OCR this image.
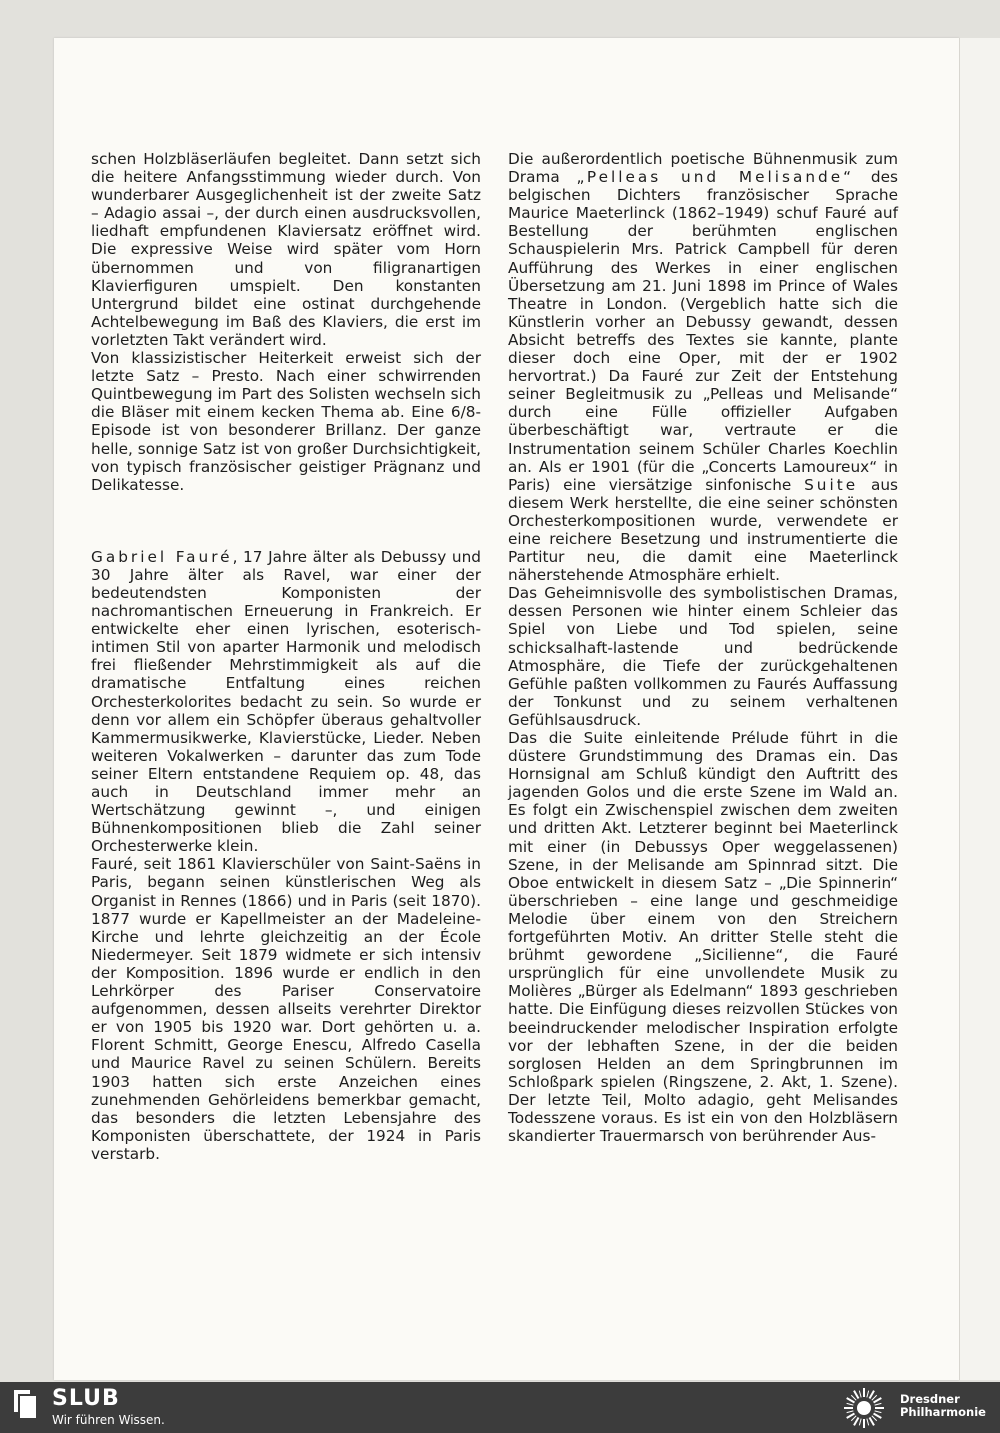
schen Holzbläserläufen begleitet. Dann setzt sich die heitere Anfangsstimmung wieder durch. Von wunderbarer Ausgeglichenheit ist der zweite Satz – Adagio assai –, der durch einen ausdrucksvollen, liedhaft empfundenen Klaviersatz eröffnet wird. Die expressive Weise wird später vom Horn übernommen und von filigranartigen Klavierfiguren umspielt. Den konstanten Untergrund bildet eine ostinat durchgehende Achtelbewegung im Baß des Klaviers, die erst im vorletzten Takt verändert wird.

Von klassizistischer Heiterkeit erweist sich der letzte Satz – Presto. Nach einer schwirrenden Quintbewegung im Part des Solisten wechseln sich die Bläser mit einem kecken Thema ab. Eine 6/8-Episode ist von besonderer Brillanz. Der ganze helle, sonnige Satz ist von großer Durchsichtigkeit, von typisch französischer geistiger Prägnanz und Delikatesse.

Gabriel Fauré, 17 Jahre älter als Debussy und 30 Jahre älter als Ravel, war einer der bedeutendsten Komponisten der nachromantischen Erneuerung in Frankreich. Er entwickelte eher einen lyrischen, esoterisch-intimen Stil von aparter Harmonik und melodisch frei fließender Mehrstimmigkeit als auf die dramatische Entfaltung eines reichen Orchesterkolorites bedacht zu sein. So wurde er denn vor allem ein Schöpfer überaus gehaltvoller Kammermusikwerke, Klavierstücke, Lieder. Neben weiteren Vokalwerken – darunter das zum Tode seiner Eltern entstandene Requiem op. 48, das auch in Deutschland immer mehr an Wertschätzung gewinnt –, und einigen Bühnenkompositionen blieb die Zahl seiner Orchesterwerke klein.

Fauré, seit 1861 Klavierschüler von Saint-Saëns in Paris, begann seinen künstlerischen Weg als Organist in Rennes (1866) und in Paris (seit 1870). 1877 wurde er Kapellmeister an der Madeleine-Kirche und lehrte gleichzeitig an der École Niedermeyer. Seit 1879 widmete er sich intensiv der Komposition. 1896 wurde er endlich in den Lehrkörper des Pariser Conservatoire aufgenommen, dessen allseits verehrter Direktor er von 1905 bis 1920 war. Dort gehörten u. a. Florent Schmitt, George Enescu, Alfredo Casella und Maurice Ravel zu seinen Schülern. Bereits 1903 hatten sich erste Anzeichen eines zunehmenden Gehörleidens bemerkbar gemacht, das besonders die letzten Lebensjahre des Komponisten überschattete, der 1924 in Paris verstarb.

Die außerordentlich poetische Bühnenmusik zum Drama „Pelleas und Melisande“ des belgischen Dichters französischer Sprache Maurice Maeterlinck (1862–1949) schuf Fauré auf Bestellung der berühmten englischen Schauspielerin Mrs. Patrick Campbell für deren Aufführung des Werkes in einer englischen Übersetzung am 21. Juni 1898 im Prince of Wales Theatre in London. (Vergeblich hatte sich die Künstlerin vorher an Debussy gewandt, dessen Absicht betreffs des Textes sie kannte, plante dieser doch eine Oper, mit der er 1902 hervortrat.) Da Fauré zur Zeit der Entstehung seiner Begleitmusik zu „Pelleas und Melisande“ durch eine Fülle offizieller Aufgaben überbeschäftigt war, vertraute er die Instrumentation seinem Schüler Charles Koechlin an. Als er 1901 (für die „Concerts Lamoureux“ in Paris) eine viersätzige sinfonische Suite aus diesem Werk herstellte, die eine seiner schönsten Orchesterkompositionen wurde, verwendete er eine reichere Besetzung und instrumentierte die Partitur neu, die damit eine Maeterlinck näherstehende Atmosphäre erhielt.

Das Geheimnisvolle des symbolistischen Dramas, dessen Personen wie hinter einem Schleier das Spiel von Liebe und Tod spielen, seine schicksalhaft-lastende und bedrückende Atmosphäre, die Tiefe der zurückgehaltenen Gefühle paßten vollkommen zu Faurés Auffassung der Tonkunst und zu seinem verhaltenen Gefühlsausdruck.

Das die Suite einleitende Prélude führt in die düstere Grundstimmung des Dramas ein. Das Hornsignal am Schluß kündigt den Auftritt des jagenden Golos und die erste Szene im Wald an. Es folgt ein Zwischenspiel zwischen dem zweiten und dritten Akt. Letzterer beginnt bei Maeterlinck mit einer (in Debussys Oper weggelassenen) Szene, in der Melisande am Spinnrad sitzt. Die Oboe entwickelt in diesem Satz – „Die Spinnerin“ überschrieben – eine lange und geschmeidige Melodie über einem von den Streichern fortgeführten Motiv. An dritter Stelle steht die brühmt gewordene „Sicilienne“, die Fauré ursprünglich für eine unvollendete Musik zu Molières „Bürger als Edelmann“ 1893 geschrieben hatte. Die Einfügung dieses reizvollen Stückes von beeindruckender melodischer Inspiration erfolgte vor der lebhaften Szene, in der die beiden sorglosen Helden an dem Springbrunnen im Schloßpark spielen (Ringszene, 2. Akt, 1. Szene). Der letzte Teil, Molto adagio, geht Melisandes Todesszene voraus. Es ist ein von den Holzbläsern skandierter Trauermarsch von berührender Aus-

SLUB
Wir führen Wissen.
Dresdner
Philharmonie
